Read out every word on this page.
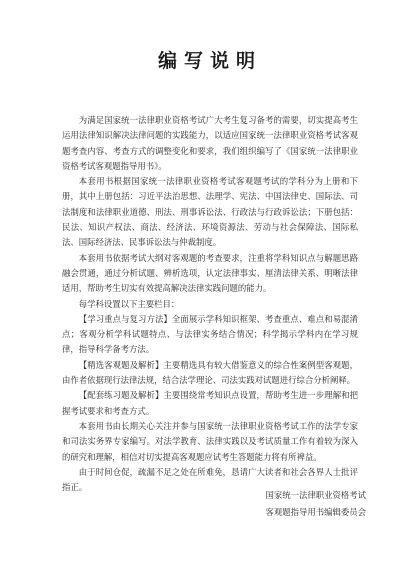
编写说明

为满足国家统一法律职业资格考试广大考生复习备考的需要，切实提高考生运用法律知识解决法律问题的实践能力，以适应国家统一法律职业资格考试客观题考查内容、考查方式的调整变化和要求，我们组织编写了《国家统一法律职业资格考试客观题指导用书》。

本套用书根据国家统一法律职业资格考试客观题考试的学科分为上册和下册，其中上册包括：习近平法治思想、法理学、宪法、中国法律史、国际法、司法制度和法律职业道德、刑法、刑事诉讼法、行政法与行政诉讼法；下册包括：民法、知识产权法、商法、经济法、环境资源法、劳动与社会保障法、国际私法、国际经济法、民事诉讼法与仲裁制度。

本套用书依据考试大纲对客观题的考查要求，注重将学科知识点与解题思路融会贯通，通过分析试题、辨析选项，认定法律事实、厘清法律关系、明晰法律适用，帮助考生切实有效提高解决法律实践问题的能力。

每学科设置以下主要栏目：

【学习重点与复习方法】全面展示学科知识框架、考查重点、难点和易混淆点；客观分析学科试题特点、与法律实务结合情况；科学揭示学科内在学习规律，指导科学备考方法。

【精选客观题及解析】主要精选具有较大借鉴意义的综合性案例型客观题，由作者依据现行法律法规，结合法学理论、司法实践对试题进行综合分析阐释。

【配套练习题及解析】主要围绕常考知识点设置，帮助考生进一步理解和把握考试要求和考查方式。

本套用书由长期关心关注并参与国家统一法律职业资格考试工作的法学专家和司法实务界专家编写。对法学教育、法律实践以及考试质量工作有着较为深入的研究和理解，相信对切实提高客观题应试考生答题能力将有所裨益。

由于时间仓促，疏漏不足之处在所难免，恳请广大读者和社会各界人士批评指正。

国家统一法律职业资格考试
客观题指导用书编辑委员会
